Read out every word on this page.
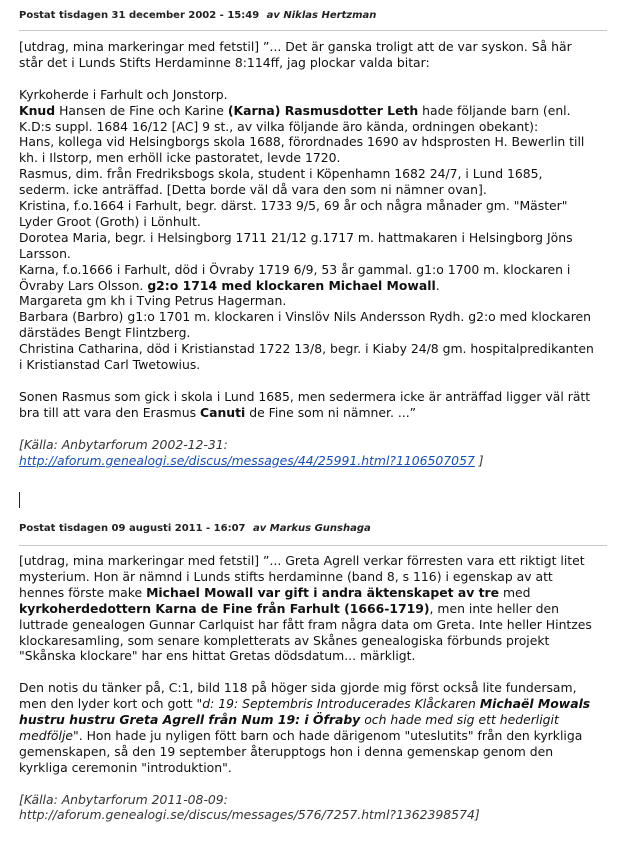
Postat tisdagen 31 december 2002 - 15:49 av Niklas Hertzman

[utdrag, mina markeringar med fetstil] ”... Det är ganska troligt att de var syskon. Så här står det i Lunds Stifts Herdaminne 8:114ff, jag plockar valda bitar:

Kyrkoherde i Farhult och Jonstorp.

Knud Hansen de Fine och Karine (Karna) Rasmusdotter Leth hade följande barn (enl. K.D:s suppl. 1684 16/12 [AC] 9 st., av vilka följande äro kända, ordningen obekant):

Hans, kollega vid Helsingborgs skola 1688, förordnades 1690 av hdsprosten H. Bewerlin till kh. i Ilstorp, men erhöll icke pastoratet, levde 1720.

Rasmus, dim. från Fredriksbogs skola, student i Köpenhamn 1682 24/7, i Lund 1685, sederm. icke anträffad. [Detta borde väl då vara den som ni nämner ovan].

Kristina, f.o.1664 i Farhult, begr. därst. 1733 9/5, 69 år och några månader gm. "Mäster" Lyder Groot (Groth) i Lönhult.

Dorotea Maria, begr. i Helsingborg 1711 21/12 g.1717 m. hattmakaren i Helsingborg Jöns Larsson.

Karna, f.o.1666 i Farhult, död i Övraby 1719 6/9, 53 år gammal. g1:o 1700 m. klockaren i Övraby Lars Olsson. g2:o 1714 med klockaren Michael Mowall.

Margareta gm kh i Tving Petrus Hagerman.

Barbara (Barbro) g1:o 1701 m. klockaren i Vinslöv Nils Andersson Rydh. g2:o med klockaren därstädes Bengt Flintzberg.

Christina Catharina, död i Kristianstad 1722 13/8, begr. i Kiaby 24/8 gm. hospitalpredikanten i Kristianstad Carl Twetowius.

Sonen Rasmus som gick i skola i Lund 1685, men sedermera icke är anträffad ligger väl rätt bra till att vara den Erasmus Canuti de Fine som ni nämner. ...”

[Källa: Anbytarforum 2002-12-31:

http://aforum.genealogi.se/discus/messages/44/25991.html?1106507057 ]

Postat tisdagen 09 augusti 2011 - 16:07 av Markus Gunshaga

[utdrag, mina markeringar med fetstil] ”... Greta Agrell verkar förresten vara ett riktigt litet mysterium. Hon är nämnd i Lunds stifts herdaminne (band 8, s 116) i egenskap av att hennes förste make Michael Mowall var gift i andra äktenskapet av tre med kyrkoherdedottern Karna de Fine från Farhult (1666-1719), men inte heller den luttrade genealogen Gunnar Carlquist har fått fram några data om Greta. Inte heller Hintzes klockaresamling, som senare kompletterats av Skånes genealogiska förbunds projekt "Skånska klockare" har ens hittat Gretas dödsdatum... märkligt.

Den notis du tänker på, C:1, bild 118 på höger sida gjorde mig först också lite fundersam, men den lyder kort och gott "d: 19: Septembris Introducerades Klåckaren Michaël Mowals hustru hustru Greta Agrell från Num 19: i Öfraby och hade med sig ett hederligit medfölje". Hon hade ju nyligen fött barn och hade därigenom "uteslutits" från den kyrkliga gemenskapen, så den 19 september återupptogs hon i denna gemenskap genom den kyrkliga ceremonin "introduktion".

[Källa: Anbytarforum 2011-08-09:

http://aforum.genealogi.se/discus/messages/576/7257.html?1362398574]
